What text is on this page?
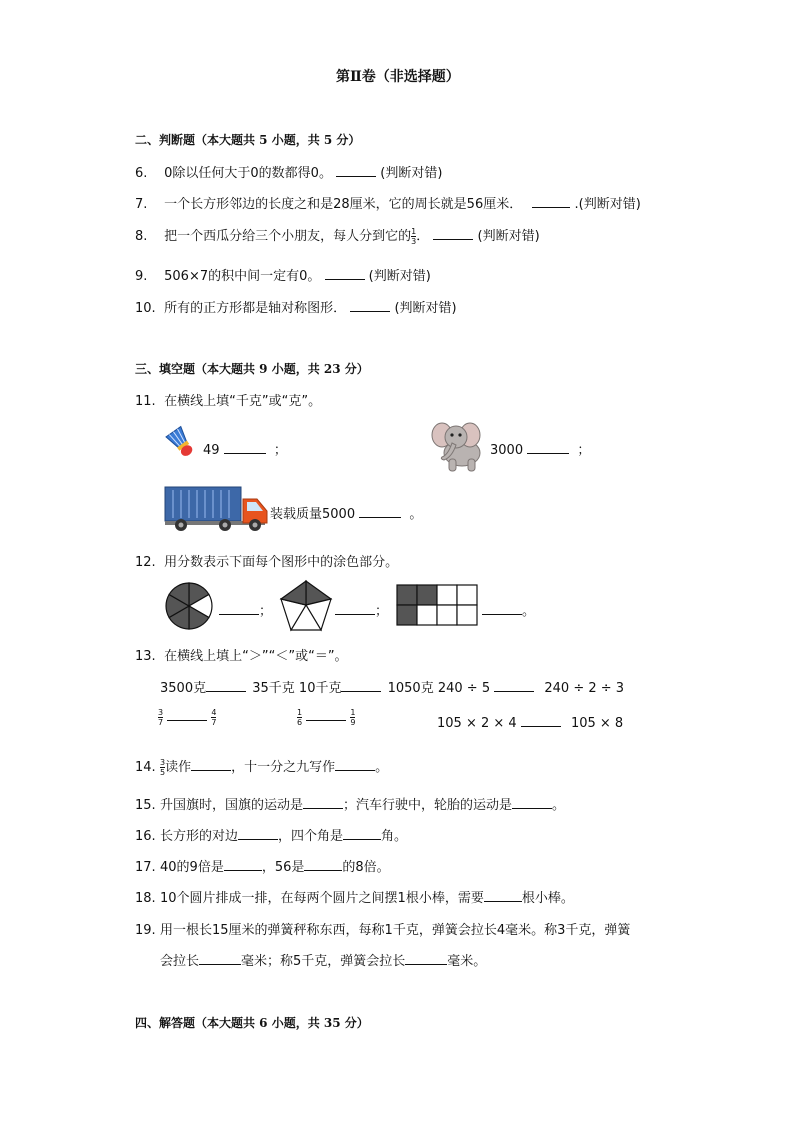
第Ⅱ卷（非选择题）
二、判断题（本大题共 5 小题，共 5 分）
6. 0除以任何大于0的数都得0。	(判断对错)
7. 一个长方形邻边的长度之和是28厘米，它的周长就是56厘米．	.(判断对错)
8. 把一个西瓜分给三个小朋友，每人分到它的 $\frac{1}{3}$ ．	(判断对错)
9. 506×7的积中间一定有0。	(判断对错)
10. 所有的正方形都是轴对称图形．	(判断对错)
三、填空题（本大题共 9 小题，共 23 分）
11. 在横线上填“千克”或“克”。
49	；	3000	；
装载质量5000	。
12. 用分数表示下面每个图形中的涂色部分。
；	；	。
13. 在横线上填上“＞”“＜”或“＝”。
3500克	35千克 10千克	1050克 240 ÷ 5	240 ÷ 2 ÷ 3
$\frac{3}{7}$
	$\frac{4}{7}$	$\frac{1}{6}$
	$\frac{1}{9}$	105 × 2 × 4	105 × 8
14. $\frac{3}{5}$ 读作	，十一分之九写作	。
15. 升国旗时，国旗的运动是	；汽车行驶中，轮胎的运动是	。
16. 长方形的对边	，四个角是	角。
17. 40的9倍是	，56是	的8倍。
18. 10个圆片排成一排，在每两个圆片之间摆1根小棒，需要	根小棒。
19. 用一根长15厘米的弹簧秤称东西，每称1千克，弹簧会拉长4毫米。称3千克，弹簧
会拉长	毫米；称5千克，弹簧会拉长	毫米。
四、解答题（本大题共 6 小题，共 35 分）
